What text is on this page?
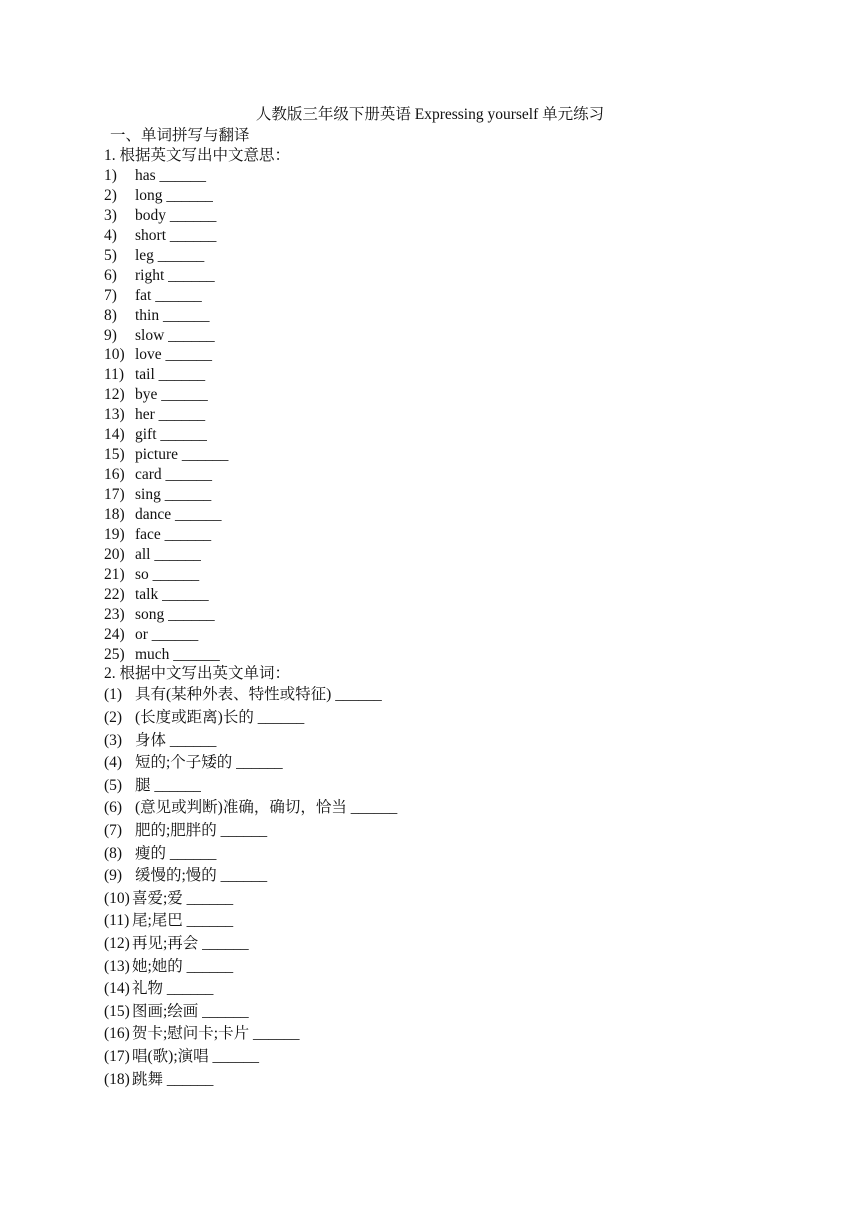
人教版三年级下册英语 Expressing yourself 单元练习
一、单词拼写与翻译
1. 根据英文写出中文意思：
1) has ______
2) long ______
3) body ______
4) short ______
5) leg ______
6) right ______
7) fat ______
8) thin ______
9) slow ______
10) love ______
11) tail ______
12) bye ______
13) her ______
14) gift ______
15) picture ______
16) card ______
17) sing ______
18) dance ______
19) face ______
20) all ______
21) so ______
22) talk ______
23) song ______
24) or ______
25) much ______
2. 根据中文写出英文单词：
(1) 具有(某种外表、特性或特征) ______
(2) (长度或距离)长的 ______
(3) 身体 ______
(4) 短的;个子矮的 ______
(5) 腿 ______
(6) (意见或判断)准确，确切，恰当 ______
(7) 肥的;肥胖的 ______
(8) 瘦的 ______
(9) 缓慢的;慢的 ______
(10) 喜爱;爱 ______
(11) 尾;尾巴 ______
(12) 再见;再会 ______
(13) 她;她的 ______
(14) 礼物 ______
(15) 图画;绘画 ______
(16) 贺卡;慰问卡;卡片 ______
(17) 唱(歌);演唱 ______
(18) 跳舞 ______
